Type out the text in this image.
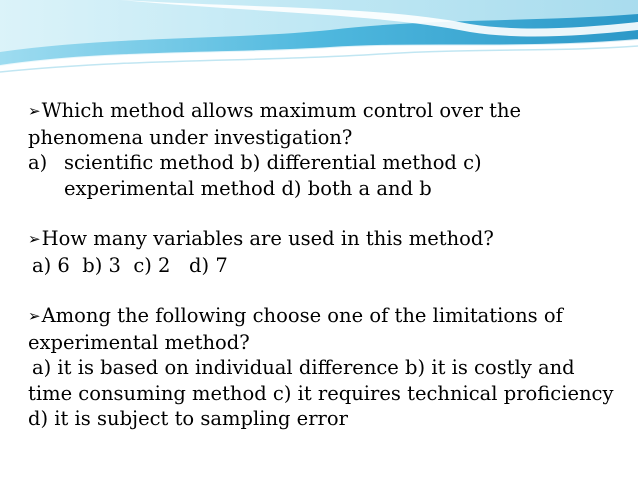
➢Which method allows maximum control over the phenomena under investigation?

a) scientific method b) differential method c) experimental method d) both a and b

➢How many variables are used in this method?

a) 6  b) 3  c) 2   d) 7

➢Among the following choose one of the limitations of experimental method?

a) it is based on individual difference b) it is costly and time consuming method c) it requires technical proficiency d) it is subject to sampling error
